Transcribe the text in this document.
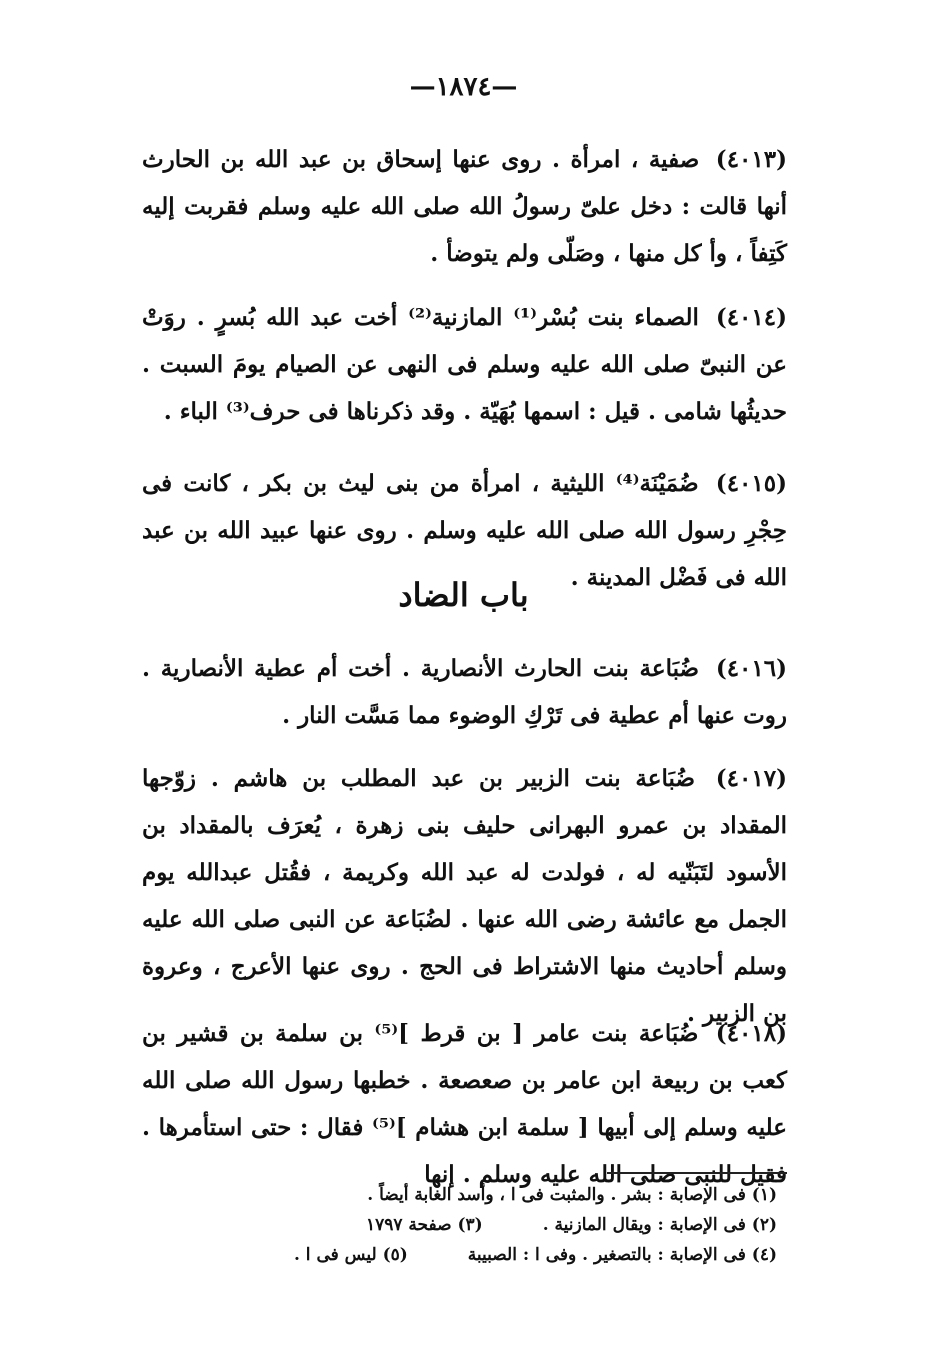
—١٨٧٤—

(٤٠١٣) صفية ، امرأة . روى عنها إسحاق بن عبد الله بن الحارث أنها قالت : دخل علىّ رسولُ الله صلى الله عليه وسلم فقربت إليه كَتِفاً ، وأ كل منها ، وصَلّى ولم يتوضأ .

(٤٠١٤) الصماء بنت بُسْر⁽¹⁾ المازنية⁽²⁾ أخت عبد الله بُسرٍ . روَتْ عن النبىّ صلى الله عليه وسلم فى النهى عن الصيام يومَ السبت . حديثُها شامى . قيل : اسمها بُهَيّة . وقد ذكرناها فى حرف⁽³⁾ الباء .

(٤٠١٥) ضُمَيْنَة⁽⁴⁾ الليثية ، امرأة من بنى ليث بن بكر ، كانت فى حِجْرِ رسول الله صلى الله عليه وسلم . روى عنها عبيد الله بن عبد الله فى فَضْل المدينة .

باب الضاد

(٤٠١٦) ضُبَاعة بنت الحارث الأنصارية . أخت أم عطية الأنصارية . روت عنها أم عطية فى تَرْكِ الوضوء مما مَسَّت النار .

(٤٠١٧) ضُبَاعة بنت الزبير بن عبد المطلب بن هاشم . زوّجها المقداد بن عمرو البهرانى حليف بنى زهرة ، يُعرَف بالمقداد بن الأسود لتَبَنّيه له ، فولدت له عبد الله وكريمة ، فقُتل عبدالله يوم الجمل مع عائشة رضى الله عنها . لضُبَاعة عن النبى صلى الله عليه وسلم أحاديث منها الاشتراط فى الحج . روى عنها الأعرج ، وعروة بن الزبير .

(٤٠١٨) ضُبَاعة بنت عامر [ بن قرط ]⁽⁵⁾ بن سلمة بن قشير بن كعب بن ربيعة ابن عامر بن صعصعة . خطبها رسول الله صلى الله عليه وسلم إلى أبيها [ سلمة ابن هشام ]⁽⁵⁾ فقال : حتى استأمرها . فقيل للنبى صلى الله عليه وسلم . إنها

(١) فى الإصابة : بشر . والمثبت فى ا ، وأسد الغابة أيضاً .
(٢) فى الإصابة : ويقال المازنية .
(٣) صفحة ١٧٩٧
(٤) فى الإصابة : بالتصغير . وفى ا : الصبيبة
(٥) ليس فى ا .
